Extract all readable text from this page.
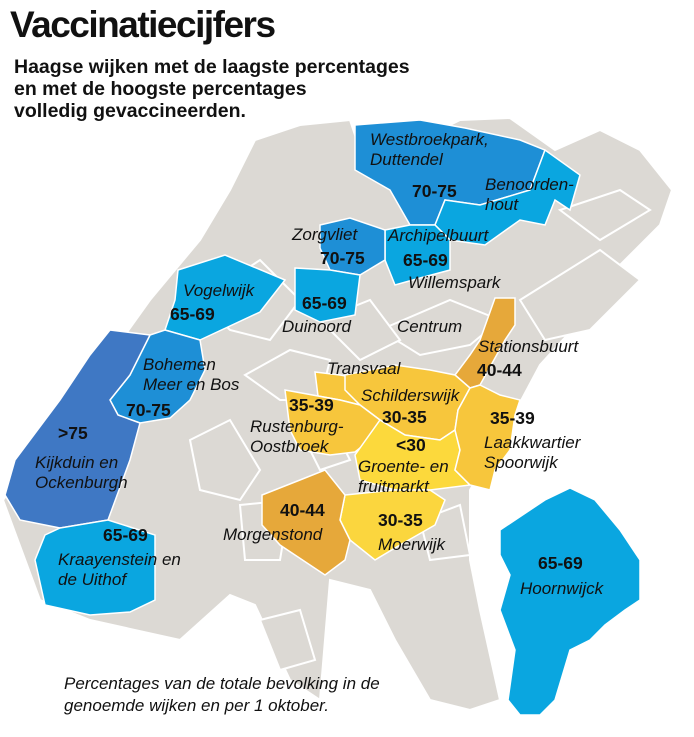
Vaccinatiecijfers

Haagse wijken met de laagste percentages
en met de hoogste percentages
volledig gevaccineerden.

Westbroekpark, Duttendel
70-75 Benoorden-hout
Zorgvliet
70-75
Archipelbuurt
65-69
Willemspark
Vogelwijk
65-69
65-69
Duinoord	Centrum
Stationsbuurt
40-44
Bohemen Meer en Bos
70-75
Transvaal
Schilderswijk
30-35
35-39
Rustenburg-Oostbroek
35-39
Laakkwartier Spoorwijk
>75
Kijkduin en Ockenburgh
<30
Groente- en fruitmarkt
40-44
Morgenstond
30-35
Moerwijk
65-69
Kraayenstein en de Uithof
65-69
Hoornwijck

Percentages van de totale bevolking in de
genoemde wijken en per 1 oktober.
